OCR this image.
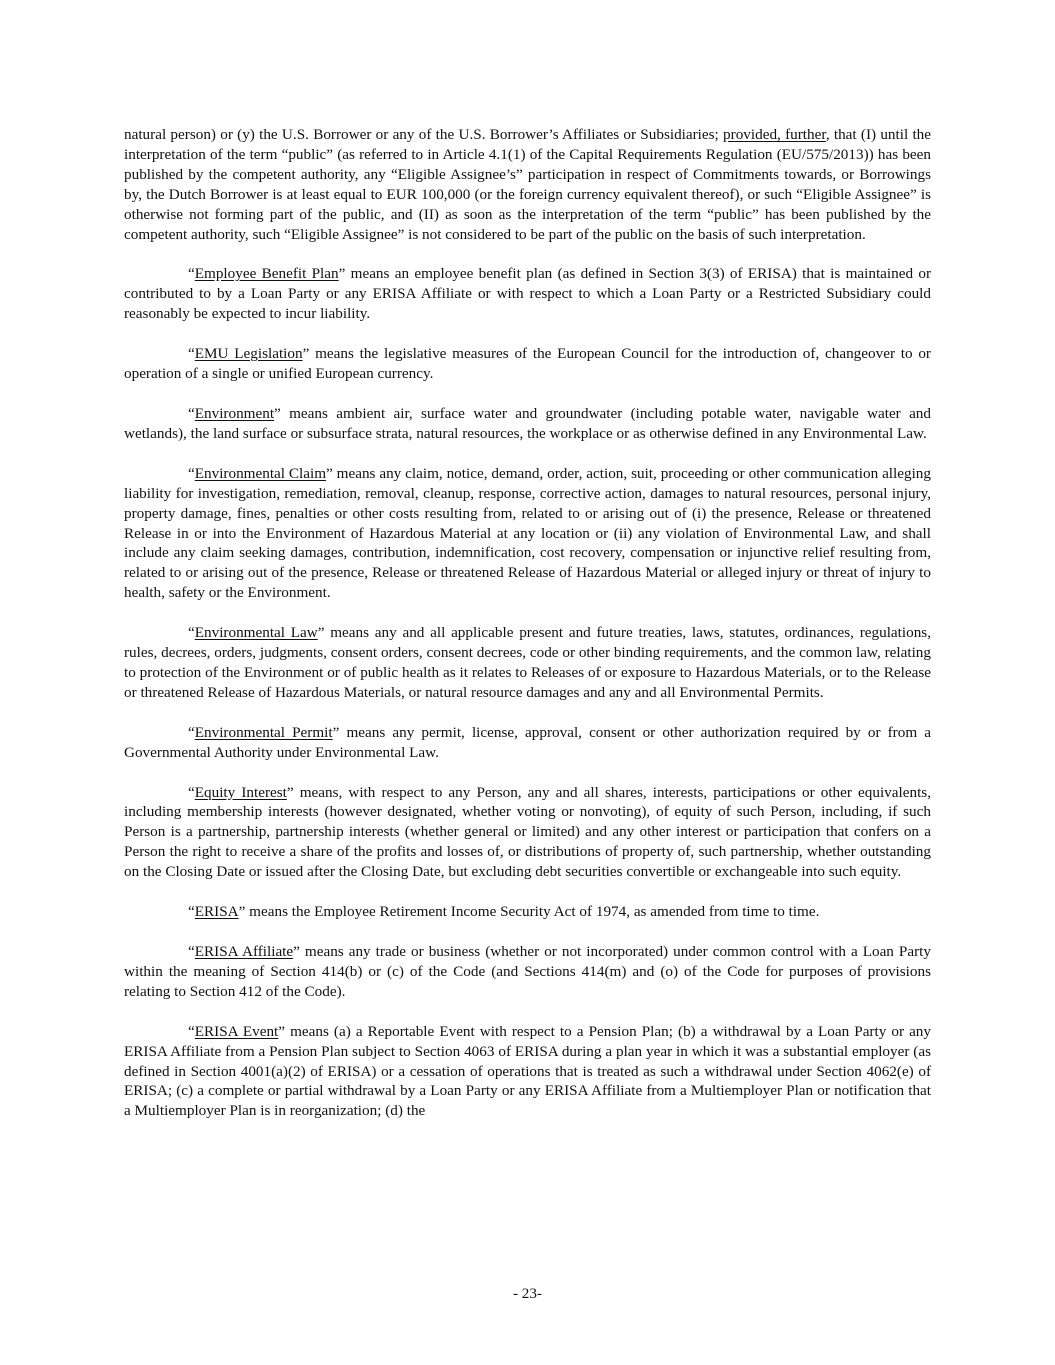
natural person) or (y) the U.S. Borrower or any of the U.S. Borrower’s Affiliates or Subsidiaries; provided, further, that (I) until the interpretation of the term “public” (as referred to in Article 4.1(1) of the Capital Requirements Regulation (EU/575/2013)) has been published by the competent authority, any “Eligible Assignee’s” participation in respect of Commitments towards, or Borrowings by, the Dutch Borrower is at least equal to EUR 100,000 (or the foreign currency equivalent thereof), or such “Eligible Assignee” is otherwise not forming part of the public, and (II) as soon as the interpretation of the term “public” has been published by the competent authority, such “Eligible Assignee” is not considered to be part of the public on the basis of such interpretation.

“Employee Benefit Plan” means an employee benefit plan (as defined in Section 3(3) of ERISA) that is maintained or contributed to by a Loan Party or any ERISA Affiliate or with respect to which a Loan Party or a Restricted Subsidiary could reasonably be expected to incur liability.

“EMU Legislation” means the legislative measures of the European Council for the introduction of, changeover to or operation of a single or unified European currency.

“Environment” means ambient air, surface water and groundwater (including potable water, navigable water and wetlands), the land surface or subsurface strata, natural resources, the workplace or as otherwise defined in any Environmental Law.

“Environmental Claim” means any claim, notice, demand, order, action, suit, proceeding or other communication alleging liability for investigation, remediation, removal, cleanup, response, corrective action, damages to natural resources, personal injury, property damage, fines, penalties or other costs resulting from, related to or arising out of (i) the presence, Release or threatened Release in or into the Environment of Hazardous Material at any location or (ii) any violation of Environmental Law, and shall include any claim seeking damages, contribution, indemnification, cost recovery, compensation or injunctive relief resulting from, related to or arising out of the presence, Release or threatened Release of Hazardous Material or alleged injury or threat of injury to health, safety or the Environment.

“Environmental Law” means any and all applicable present and future treaties, laws, statutes, ordinances, regulations, rules, decrees, orders, judgments, consent orders, consent decrees, code or other binding requirements, and the common law, relating to protection of the Environment or of public health as it relates to Releases of or exposure to Hazardous Materials, or to the Release or threatened Release of Hazardous Materials, or natural resource damages and any and all Environmental Permits.

“Environmental Permit” means any permit, license, approval, consent or other authorization required by or from a Governmental Authority under Environmental Law.

“Equity Interest” means, with respect to any Person, any and all shares, interests, participations or other equivalents, including membership interests (however designated, whether voting or nonvoting), of equity of such Person, including, if such Person is a partnership, partnership interests (whether general or limited) and any other interest or participation that confers on a Person the right to receive a share of the profits and losses of, or distributions of property of, such partnership, whether outstanding on the Closing Date or issued after the Closing Date, but excluding debt securities convertible or exchangeable into such equity.

“ERISA” means the Employee Retirement Income Security Act of 1974, as amended from time to time.

“ERISA Affiliate” means any trade or business (whether or not incorporated) under common control with a Loan Party within the meaning of Section 414(b) or (c) of the Code (and Sections 414(m) and (o) of the Code for purposes of provisions relating to Section 412 of the Code).

“ERISA Event” means (a) a Reportable Event with respect to a Pension Plan; (b) a withdrawal by a Loan Party or any ERISA Affiliate from a Pension Plan subject to Section 4063 of ERISA during a plan year in which it was a substantial employer (as defined in Section 4001(a)(2) of ERISA) or a cessation of operations that is treated as such a withdrawal under Section 4062(e) of ERISA; (c) a complete or partial withdrawal by a Loan Party or any ERISA Affiliate from a Multiemployer Plan or notification that a Multiemployer Plan is in reorganization; (d) the

- 23-
